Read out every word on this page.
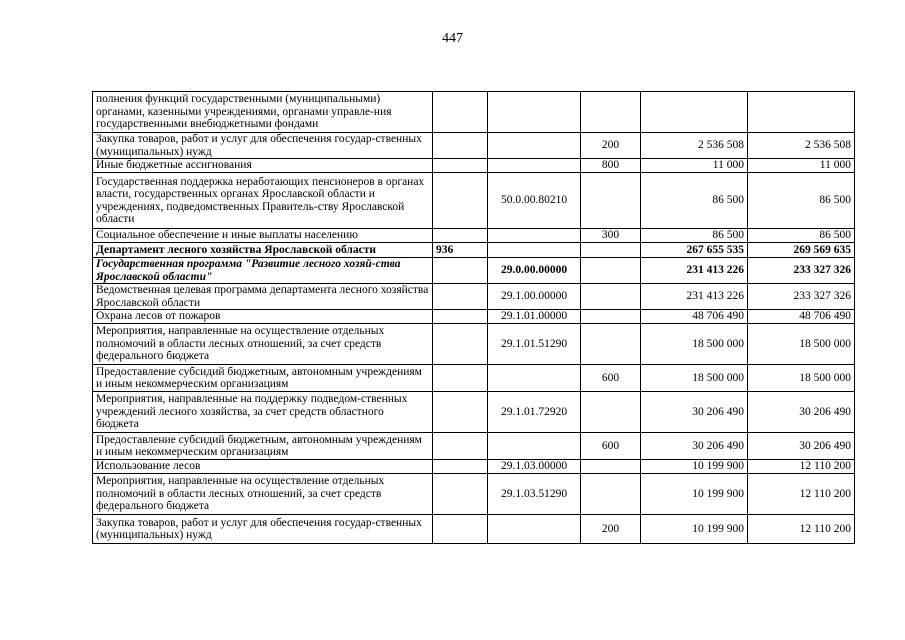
447
полнения функций государственными (муниципальными) органами, казенными учреждениями, органами управле-ния государственными внебюджетными фондами					
Закупка товаров, работ и услуг для обеспечения государ-ственных (муниципальных) нужд			200	2 536 508	2 536 508
Иные бюджетные ассигнования			800	11 000	11 000
Государственная поддержка неработающих пенсионеров в органах власти, государственных органах Ярославской области и учреждениях, подведомственных Правитель-ству Ярославской области		50.0.00.80210		86 500	86 500
Социальное обеспечение и иные выплаты населению			300	86 500	86 500
Департамент лесного хозяйства Ярославской области	936			267 655 535	269 569 635
Государственная программа "Развитие лесного хозяй-ства Ярославской области"		29.0.00.00000		231 413 226	233 327 326
Ведомственная целевая программа департамента лесного хозяйства Ярославской области		29.1.00.00000		231 413 226	233 327 326
Охрана лесов от пожаров		29.1.01.00000		48 706 490	48 706 490
Мероприятия, направленные на осуществление отдельных полномочий в области лесных отношений, за счет средств федерального бюджета		29.1.01.51290		18 500 000	18 500 000
Предоставление субсидий бюджетным, автономным учреждениям и иным некоммерческим организациям			600	18 500 000	18 500 000
Мероприятия, направленные на поддержку подведом-ственных учреждений лесного хозяйства, за счет средств областного бюджета		29.1.01.72920		30 206 490	30 206 490
Предоставление субсидий бюджетным, автономным учреждениям и иным некоммерческим организациям			600	30 206 490	30 206 490
Использование лесов		29.1.03.00000		10 199 900	12 110 200
Мероприятия, направленные на осуществление отдельных полномочий в области лесных отношений, за счет средств федерального бюджета		29.1.03.51290		10 199 900	12 110 200
Закупка товаров, работ и услуг для обеспечения государ-ственных (муниципальных) нужд			200	10 199 900	12 110 200
